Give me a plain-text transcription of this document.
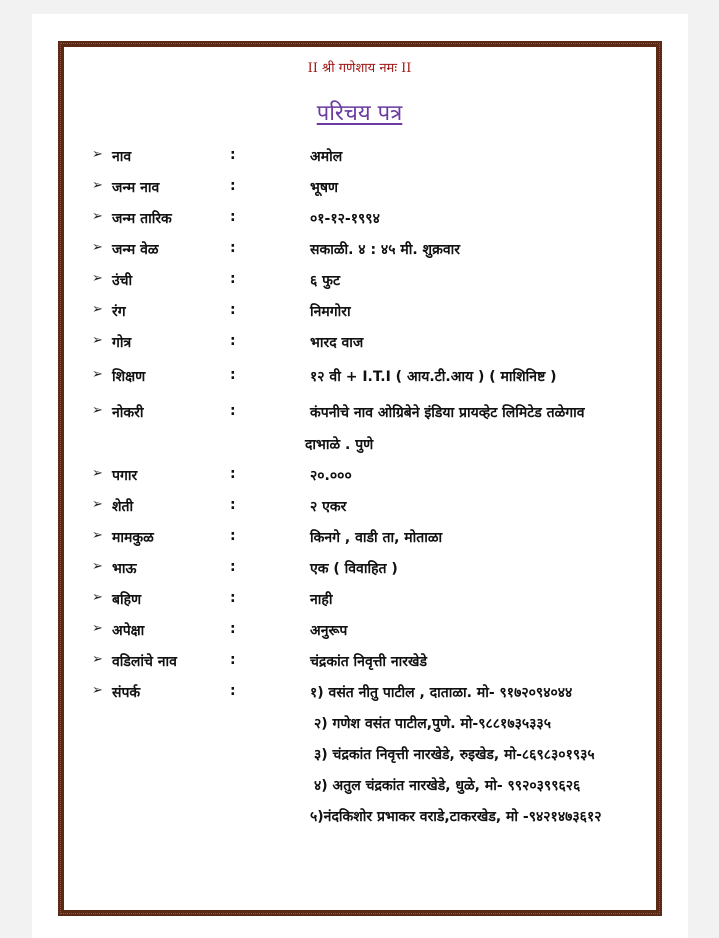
II श्री गणेशाय नमः II
परिचय पत्र
➢ नाव	:	अमोल
➢ जन्म नाव	:	भूषण
➢ जन्म तारिक	:	०१-१२-१९९४
➢ जन्म वेळ	:	सकाळी. ४ : ४५ मी. शुक्रवार
➢ उंची	:	६ फुट
➢ रंग	:	निमगोरा
➢ गोत्र	:	भारद वाज
➢ शिक्षण	:	१२ वी + I.T.I ( आय.टी.आय ) ( माशिनिष्ट )
➢ नोकरी	:	कंपनीचे नाव ओग्रिबेने इंडिया प्रायव्हेट लिमिटेड तळेगाव
दाभाळे . पुणे
➢ पगार	:	२०.०००
➢ शेती	:	२ एकर
➢ मामकुळ	:	किनगे , वाडी ता, मोताळा
➢ भाऊ	:	एक ( विवाहित )
➢ बहिण	:	नाही
➢ अपेक्षा	:	अनुरूप
➢ वडिलांचे नाव	:	चंद्रकांत निवृत्ती नारखेडे
➢ संपर्क	:	१) वसंत नीतु पाटील , दाताळा. मो- ९१७२०९४०४४
२) गणेश वसंत पाटील,पुणे. मो-९८८१७३५३३५
३) चंद्रकांत निवृत्ती नारखेडे, रुइखेड, मो-८६९८३०१९३५
४) अतुल चंद्रकांत नारखेडे, धुळे, मो- ९९२०३९९६२६
५)नंदकिशोर प्रभाकर वराडे,टाकरखेड, मो -९४२१४७३६१२
